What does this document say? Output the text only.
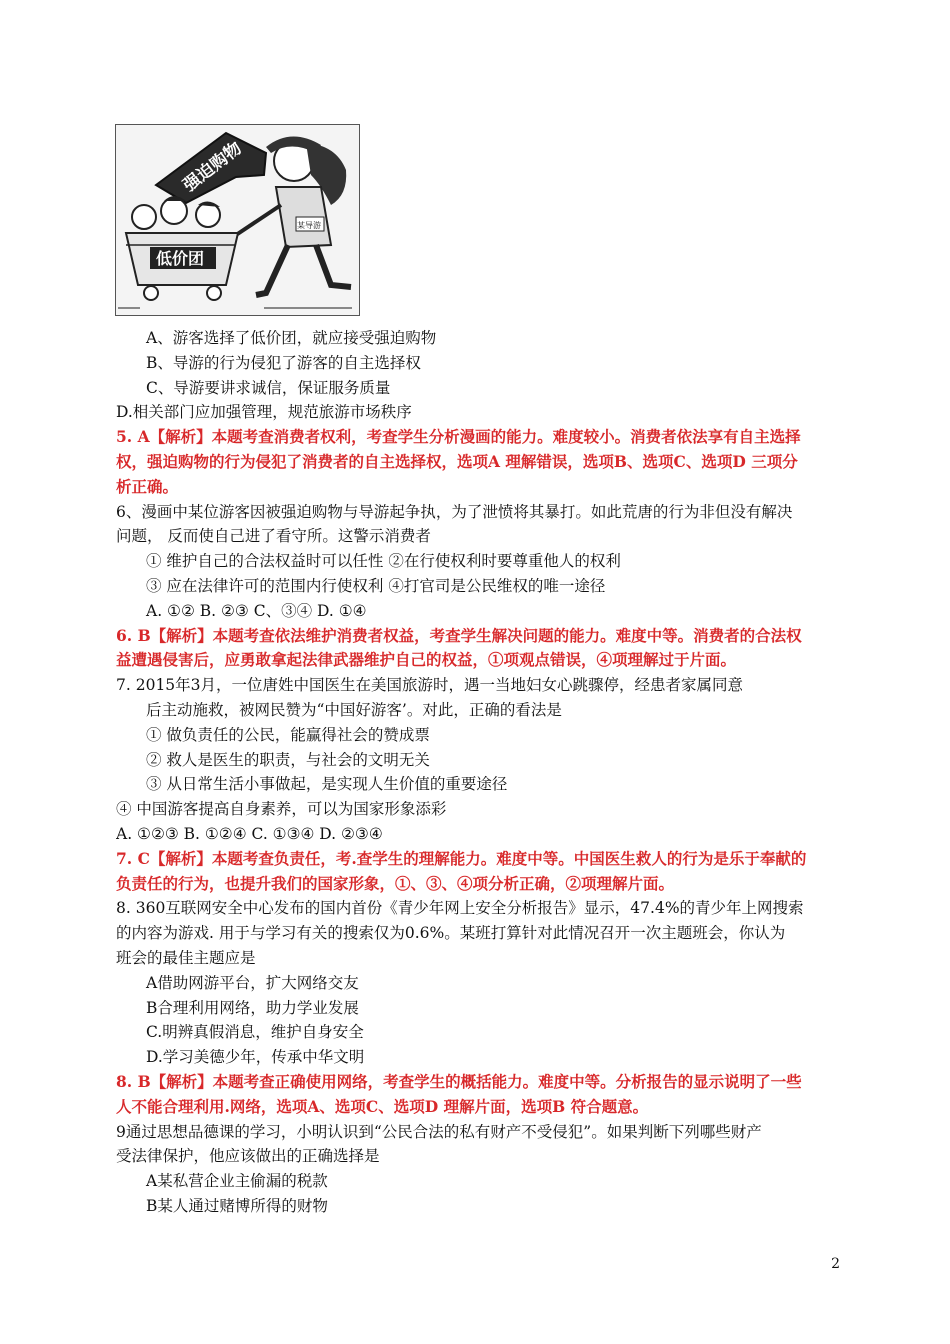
强迫购物
某导游
低价团
A、游客选择了低价团，就应接受强迫购物
B、导游的行为侵犯了游客的自主选择权
C、导游要讲求诚信，保证服务质量
D.相关部门应加强管理，规范旅游市场秩序
5. A【解析】本题考查消费者权利，考查学生分析漫画的能力。难度较小。消费者依法享有自主选择
权，强迫购物的行为侵犯了消费者的自主选择权，选项A 理解错误，选项B、选项C、选项D 三项分
析正确。
6、漫画中某位游客因被强迫购物与导游起争执，为了泄愤将其暴打。如此荒唐的行为非但没有解决
问题， 反而使自己进了看守所。这警示消费者
① 维护自己的合法权益时可以任性 ②在行使权利时要尊重他人的权利
③ 应在法律许可的范围内行使权利 ④打官司是公民维权的唯一途径
A. ①② B. ②③ C、③④ D. ①④
6. B【解析】本题考查依法维护消费者权益，考查学生解决问题的能力。难度中等。消费者的合法权
益遭遇侵害后，应勇敢拿起法律武器维护自己的权益，①项观点错误，④项理解过于片面。
7. 2015年3月，一位唐姓中国医生在美国旅游时，遇一当地妇女心跳骤停，经患者家属同意
后主动施救，被网民赞为“中国好游客’。对此，正确的看法是
① 做负责任的公民，能赢得社会的赞成票
② 救人是医生的职责，与社会的文明无关
③ 从日常生活小事做起，是实现人生价值的重要途径
④ 中国游客提高自身素养，可以为国家形象添彩
A. ①②③ B. ①②④ C. ①③④ D. ②③④
7. C【解析】本题考查负责任，考.查学生的理解能力。难度中等。中国医生救人的行为是乐于奉献的
负责任的行为，也提升我们的国家形象，①、③、④项分析正确，②项理解片面。
8. 360互联网安全中心发布的国内首份《青少年网上安全分析报告》显示，47.4%的青少年上网搜索
的内容为游戏. 用于与学习有关的搜索仅为0.6%。某班打算针对此情况召开一次主题班会，你认为
班会的最佳主题应是
A借助网游平台，扩大网络交友
B合理利用网络，助力学业发展
C.明辨真假消息，维护自身安全
D.学习美德少年，传承中华文明
8. B【解析】本题考查正确使用网络，考查学生的概括能力。难度中等。分析报告的显示说明了一些
人不能合理利用.网络，选项A、选项C、选项D 理解片面，选项B 符合题意。
9通过思想品德课的学习，小明认识到“公民合法的私有财产不受侵犯”。如果判断下列哪些财产
受法律保护，他应该做出的正确选择是
A某私营企业主偷漏的税款
B某人通过赌博所得的财物
2
